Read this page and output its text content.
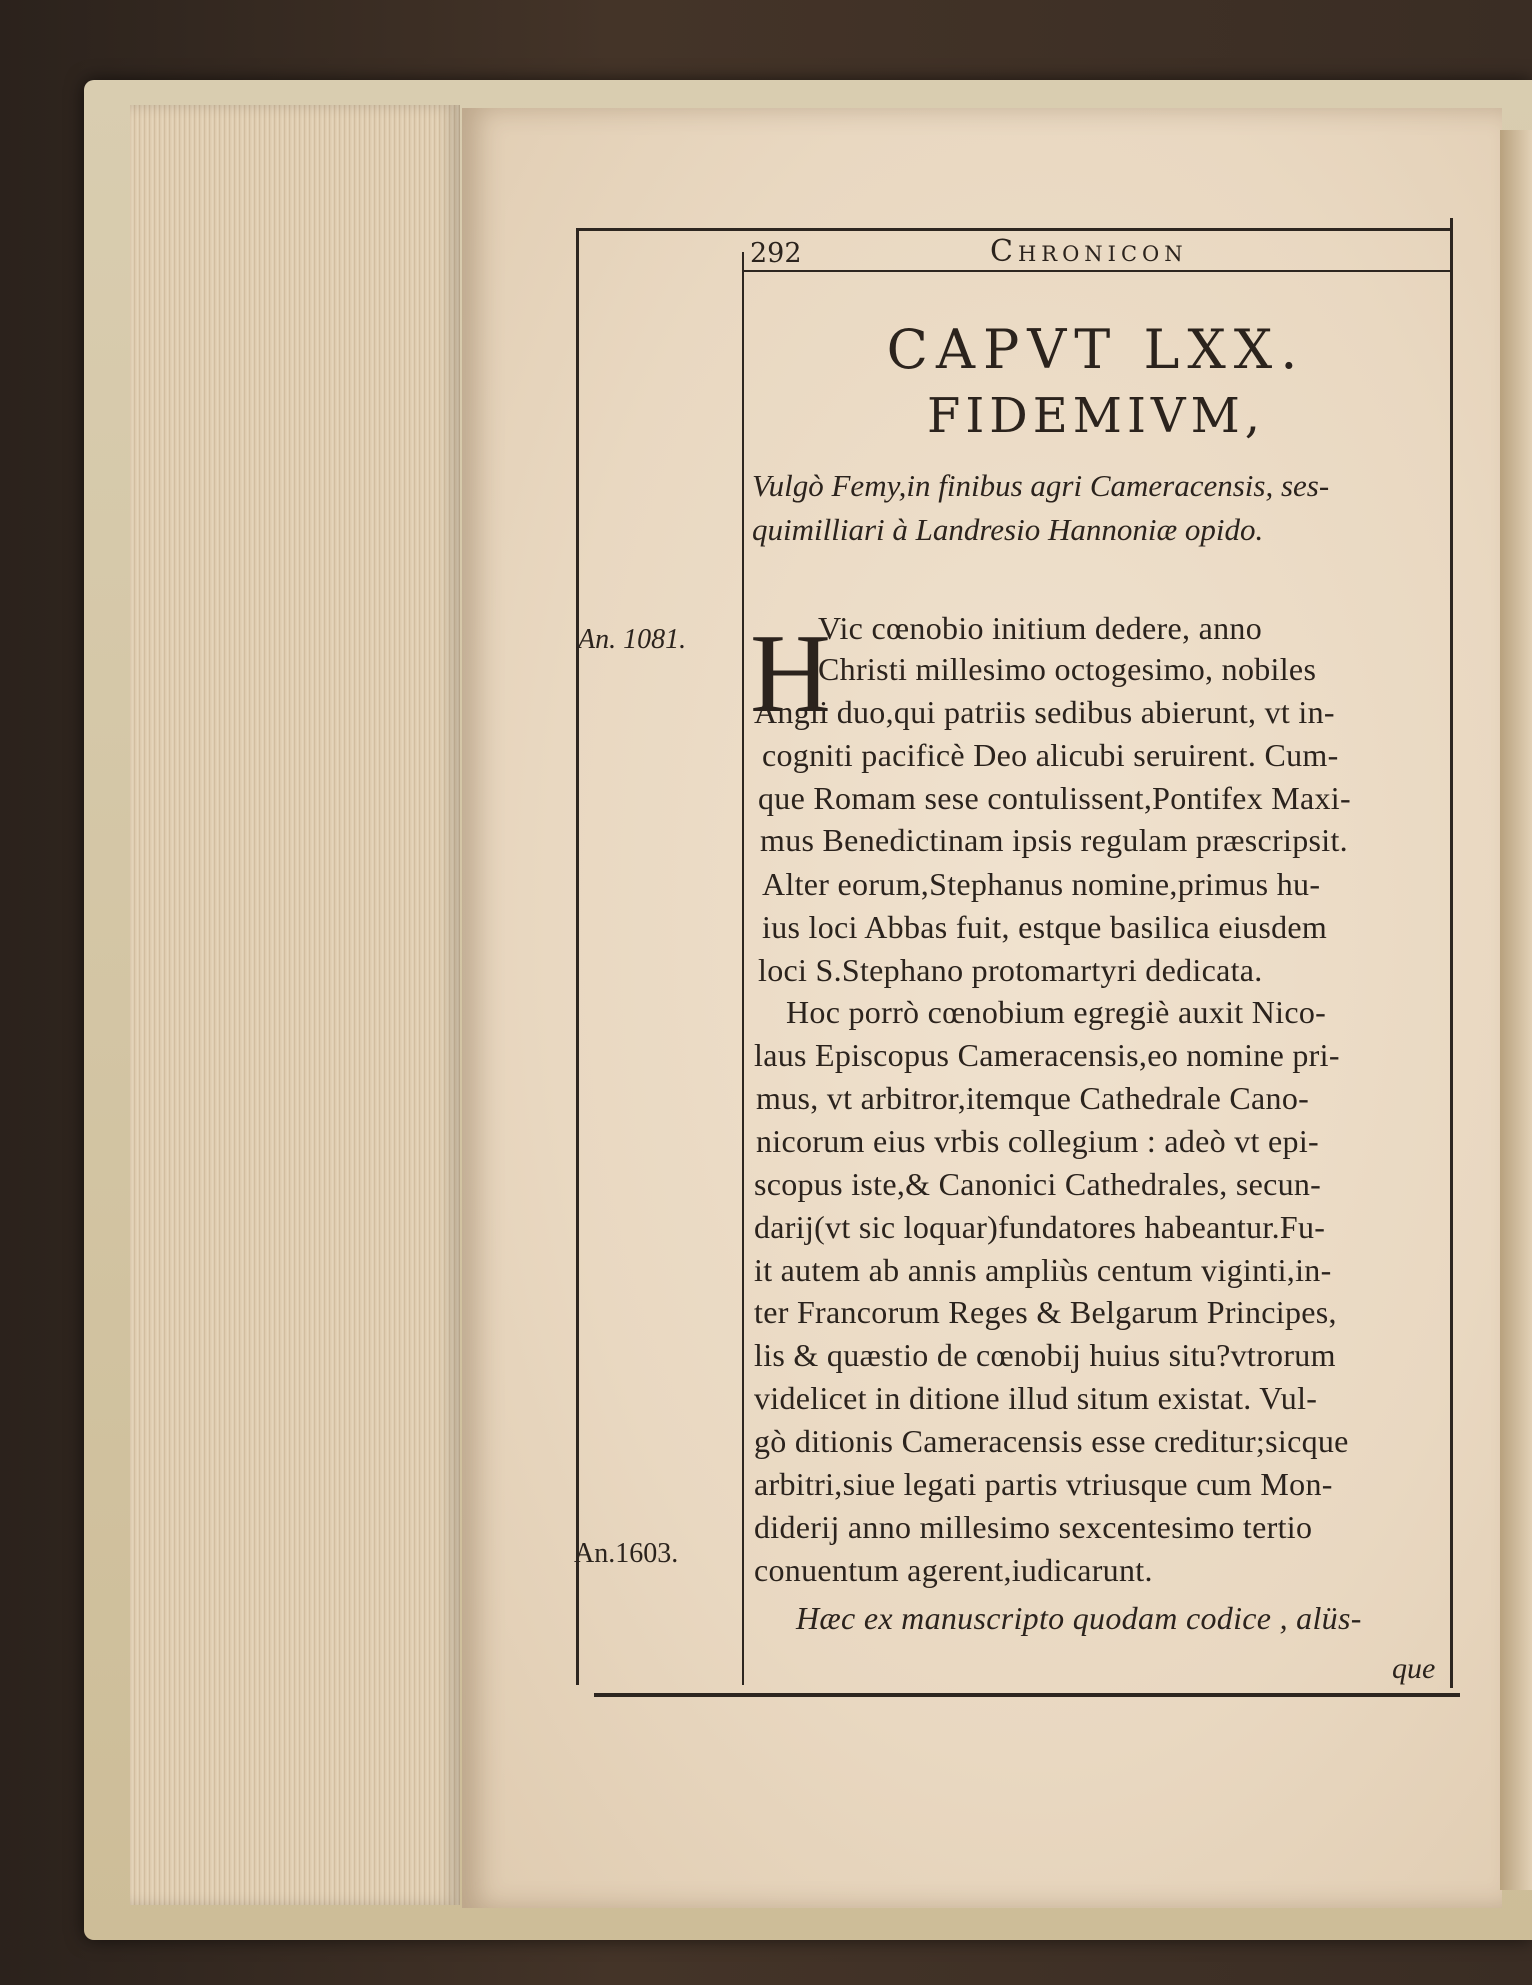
292	Chronicon
CAPVT LXX.
FIDEMIVM,
Vulgò Femy,in finibus agri Cameracensis, ses-
quimilliari à Landresio Hannoniæ opido.
An. 1081.
An.1603.
H
Vic cœnobio initium dedere, anno
Christi millesimo octogesimo, nobiles
Angli duo,qui patriis sedibus abierunt, vt in-
cogniti pacificè Deo alicubi seruirent. Cum-
que Romam sese contulissent,Pontifex Maxi-
mus Benedictinam ipsis regulam præscripsit.
Alter eorum,Stephanus nomine,primus hu-
ius loci Abbas fuit, estque basilica eiusdem
loci S.Stephano protomartyri dedicata.
Hoc porrò cœnobium egregiè auxit Nico-
laus Episcopus Cameracensis,eo nomine pri-
mus, vt arbitror,itemque Cathedrale Cano-
nicorum eius vrbis collegium : adeò vt epi-
scopus iste,& Canonici Cathedrales, secun-
darij(vt sic loquar)fundatores habeantur.Fu-
it autem ab annis ampliùs centum viginti,in-
ter Francorum Reges & Belgarum Principes,
lis & quæstio de cœnobij huius situ?vtrorum
videlicet in ditione illud situm existat. Vul-
gò ditionis Cameracensis esse creditur;sicque
arbitri,siue legati partis vtriusque cum Mon-
diderij anno millesimo sexcentesimo tertio
conuentum agerent,iudicarunt.
Hæc ex manuscripto quodam codice , alüs-
que
